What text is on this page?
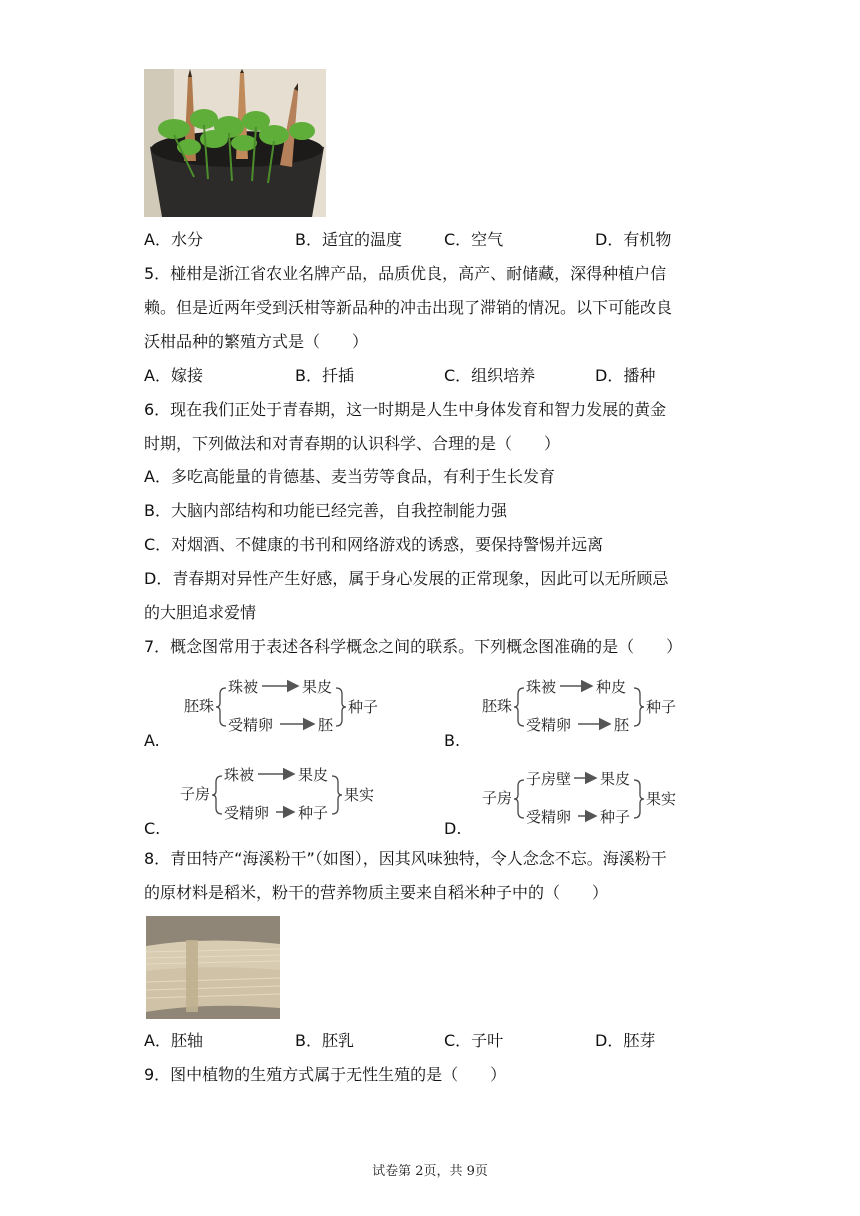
A．水分	B．适宜的温度	C．空气	D．有机物
5．椪柑是浙江省农业名牌产品，品质优良，高产、耐储藏，深得种植户信
赖。但是近两年受到沃柑等新品种的冲击出现了滞销的情况。以下可能改良
沃柑品种的繁殖方式是（　　）
A．嫁接	B．扦插	C．组织培养	D．播种
6．现在我们正处于青春期，这一时期是人生中身体发育和智力发展的黄金
时期，下列做法和对青春期的认识科学、合理的是（　　）
A．多吃高能量的肯德基、麦当劳等食品，有利于生长发育
B．大脑内部结构和功能已经完善，自我控制能力强
C．对烟酒、不健康的书刊和网络游戏的诱惑，要保持警惕并远离
D．青春期对异性产生好感，属于身心发展的正常现象，因此可以无所顾忌
的大胆追求爱情
7．概念图常用于表述各科学概念之间的联系。下列概念图准确的是（　　）
A.	B.
C.	D.
胚珠
珠被	果皮
受精卵	胚
种子	胚珠
珠被	种皮
受精卵	胚
种子
子房
珠被	果皮
受精卵 种子
果实	子房
子房壁 果皮
受精卵 种子
果实
8．青田特产“海溪粉干”（如图），因其风味独特，令人念念不忘。海溪粉干
的原材料是稻米，粉干的营养物质主要来自稻米种子中的（　　）
A．胚轴	B．胚乳	C．子叶	D．胚芽
9．图中植物的生殖方式属于无性生殖的是（　　）
试卷第 2页，共 9页
